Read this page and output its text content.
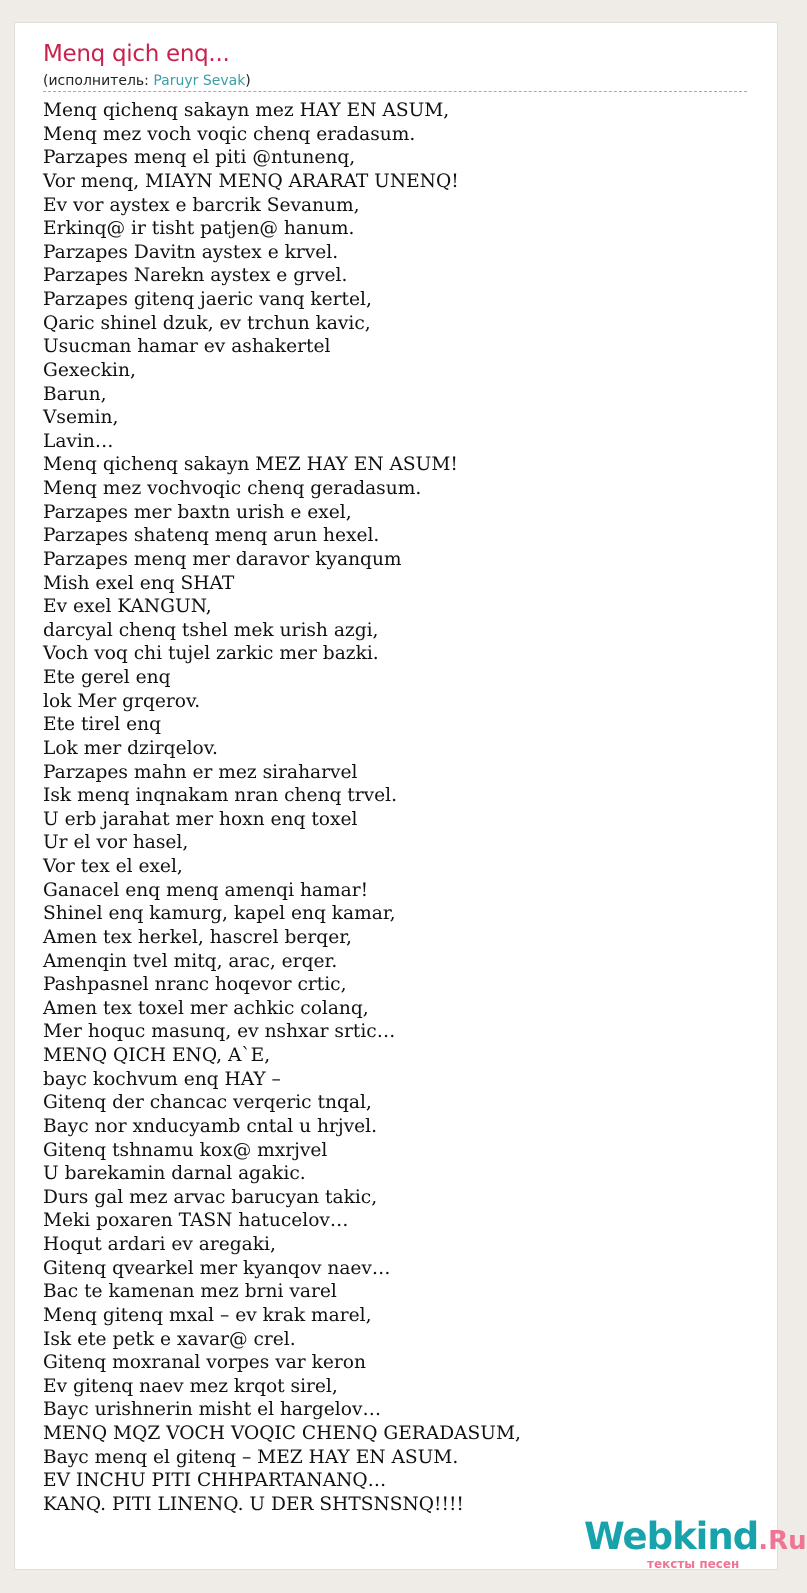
Menq qich enq...
(исполнитель: Paruyr Sevak)
Menq qichenq sakayn mez HAY EN ASUM,
Menq mez voch voqic chenq eradasum.
Parzapes menq el piti @ntunenq,
Vor menq, MIAYN MENQ ARARAT UNENQ!
Ev vor aystex e barcrik Sevanum,
Erkinq@ ir tisht patjen@ hanum.
Parzapes Davitn aystex e krvel.
Parzapes Narekn aystex e grvel.
Parzapes gitenq jaeric vanq kertel,
Qaric shinel dzuk, ev trchun kavic,
Usucman hamar ev ashakertel
Gexeckin,
Barun,
Vsemin,
Lavin…
Menq qichenq sakayn MEZ HAY EN ASUM!
Menq mez vochvoqic chenq geradasum.
Parzapes mer baxtn urish e exel,
Parzapes shatenq menq arun hexel.
Parzapes menq mer daravor kyanqum
Mish exel enq SHAT
Ev exel KANGUN,
darcyal chenq tshel mek urish azgi,
Voch voq chi tujel zarkic mer bazki.
Ete gerel enq
lok Mer grqerov.
Ete tirel enq
Lok mer dzirqelov.
Parzapes mahn er mez siraharvel
Isk menq inqnakam nran chenq trvel.
U erb jarahat mer hoxn enq toxel
Ur el vor hasel,
Vor tex el exel,
Ganacel enq menq amenqi hamar!
Shinel enq kamurg, kapel enq kamar,
Amen tex herkel, hascrel berqer,
Amenqin tvel mitq, arac, erqer.
Pashpasnel nranc hoqevor crtic,
Amen tex toxel mer achkic colanq,
Mer hoquc masunq, ev nshxar srtic…
MENQ QICH ENQ, A`E,
bayc kochvum enq HAY –
Gitenq der chancac verqeric tnqal,
Bayc nor xnducyamb cntal u hrjvel.
Gitenq tshnamu kox@ mxrjvel
U barekamin darnal agakic.
Durs gal mez arvac barucyan takic,
Meki poxaren TASN hatucelov…
Hoqut ardari ev aregaki,
Gitenq qvearkel mer kyanqov naev…
Bac te kamenan mez brni varel
Menq gitenq mxal – ev krak marel,
Isk ete petk e xavar@ crel.
Gitenq moxranal vorpes var keron
Ev gitenq naev mez krqot sirel,
Bayc urishnerin misht el hargelov…
MENQ MQZ VOCH VOQIC CHENQ GERADASUM,
Bayc menq el gitenq – MEZ HAY EN ASUM.
EV INCHU PITI CHHPARTANANQ…
KANQ. PITI LINENQ. U DER SHTSNSNQ!!!!
Webkind.Ru
тексты песен
